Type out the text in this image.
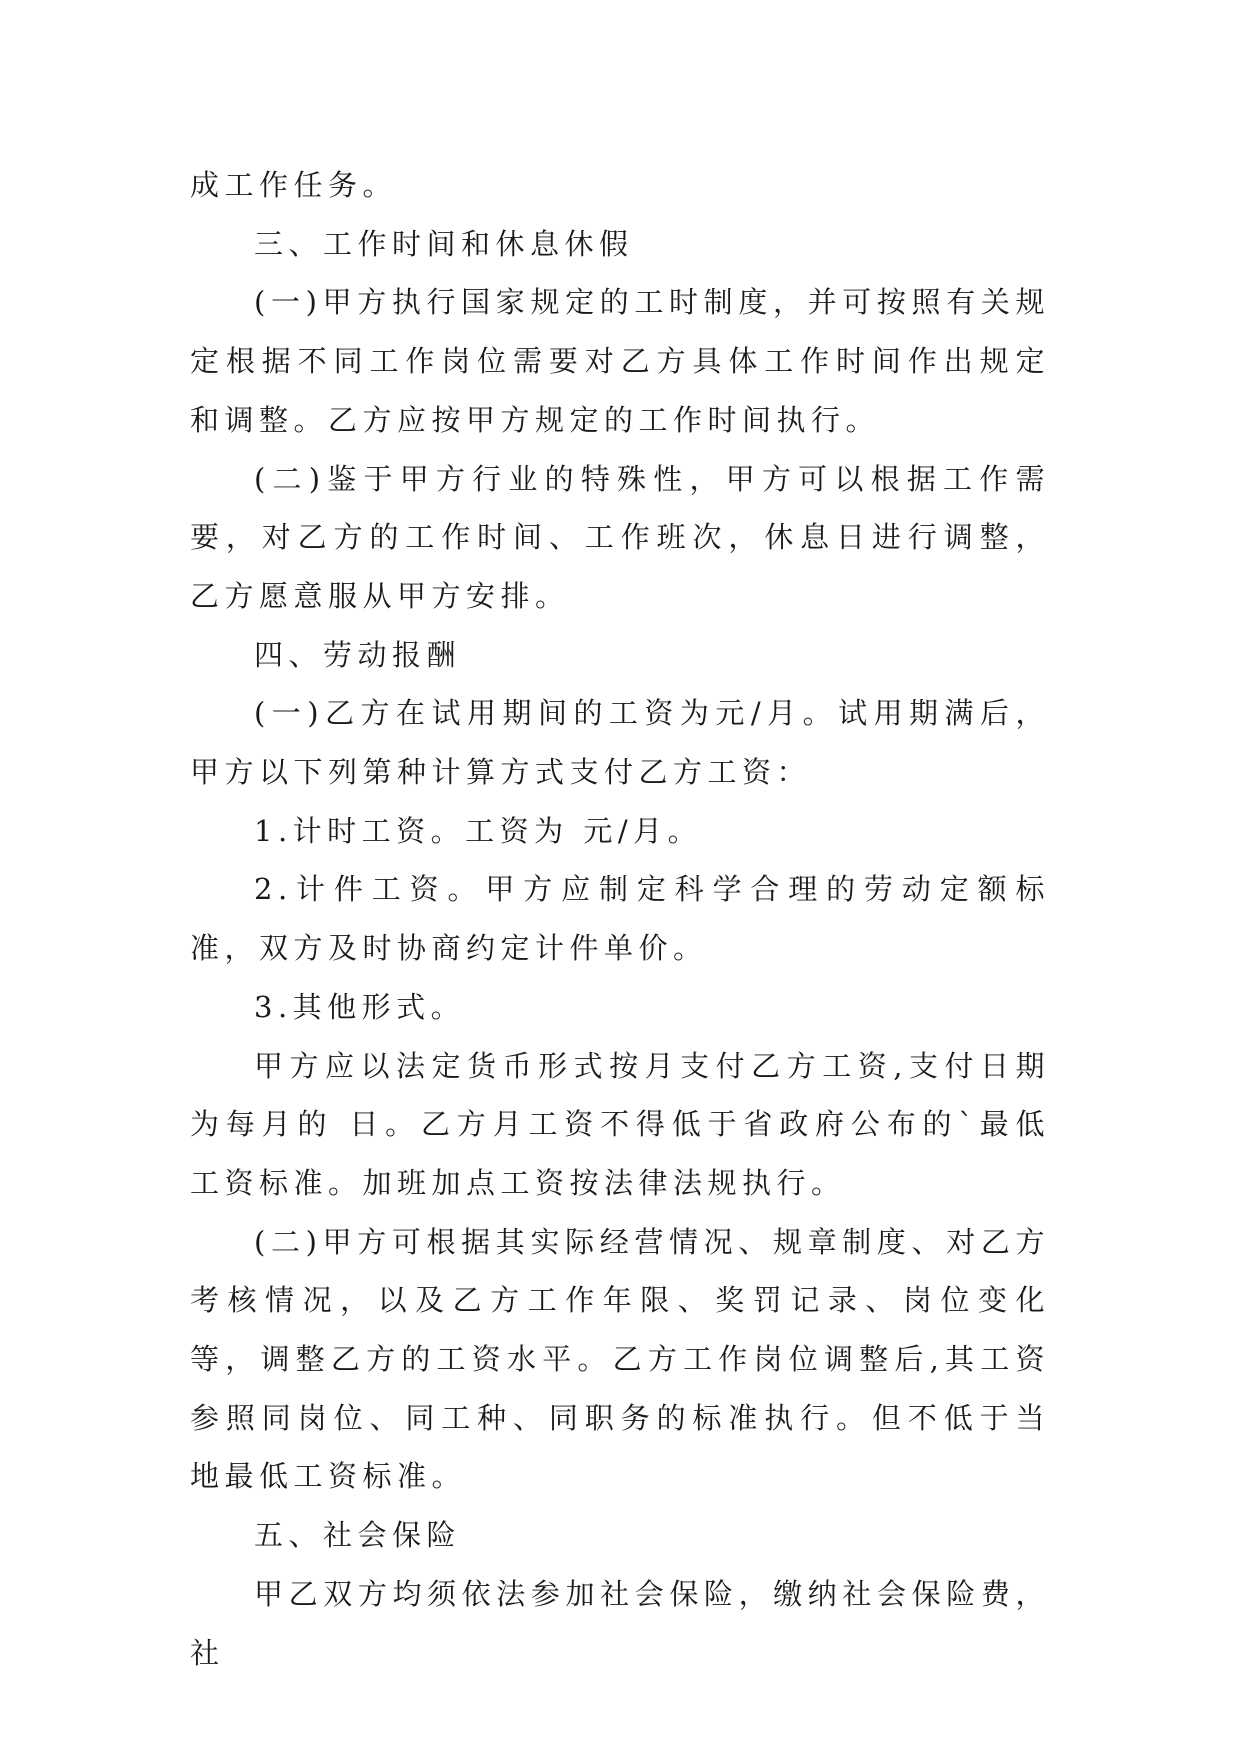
成工作任务。

三、工作时间和休息休假

(一)甲方执行国家规定的工时制度，并可按照有关规定根据不同工作岗位需要对乙方具体工作时间作出规定和调整。乙方应按甲方规定的工作时间执行。

(二)鉴于甲方行业的特殊性，甲方可以根据工作需要，对乙方的工作时间、工作班次，休息日进行调整，乙方愿意服从甲方安排。

四、劳动报酬

(一)乙方在试用期间的工资为元/月。试用期满后，甲方以下列第种计算方式支付乙方工资：

1.计时工资。工资为 元/月。

2.计件工资。甲方应制定科学合理的劳动定额标准，双方及时协商约定计件单价。

3.其他形式。

甲方应以法定货币形式按月支付乙方工资,支付日期为每月的 日。乙方月工资不得低于省政府公布的`最低工资标准。加班加点工资按法律法规执行。

(二)甲方可根据其实际经营情况、规章制度、对乙方考核情况，以及乙方工作年限、奖罚记录、岗位变化等，调整乙方的工资水平。乙方工作岗位调整后,其工资参照同岗位、同工种、同职务的标准执行。但不低于当地最低工资标准。

五、社会保险

甲乙双方均须依法参加社会保险，缴纳社会保险费，社
